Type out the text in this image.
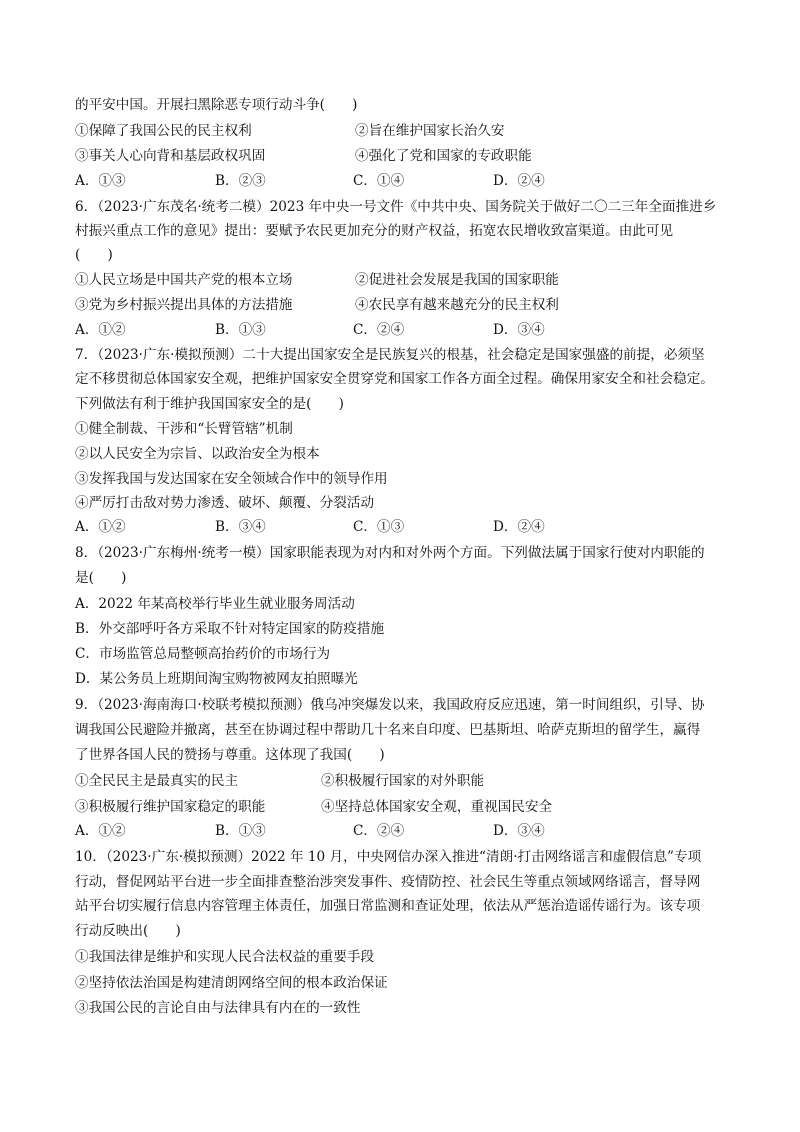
的平安中国。开展扫黑除恶专项行动斗争(　　)
①保障了我国公民的民主权利	②旨在维护国家长治久安
③事关人心向背和基层政权巩固	④强化了党和国家的专政职能
A．①③	B．②③	C．①④	D．②④
6．（2023·广东茂名·统考二模）2023 年中央一号文件《中共中央、国务院关于做好二〇二三年全面推进乡
村振兴重点工作的意见》提出：要赋予农民更加充分的财产权益，拓宽农民增收致富渠道。由此可见
(　　)
①人民立场是中国共产党的根本立场	②促进社会发展是我国的国家职能
③党为乡村振兴提出具体的方法措施	④农民享有越来越充分的民主权利
A．①②	B．①③	C．②④	D．③④
7．（2023·广东·模拟预测）二十大提出国家安全是民族复兴的根基，社会稳定是国家强盛的前提，必须坚
定不移贯彻总体国家安全观，把维护国家安全贯穿党和国家工作各方面全过程。确保用家安全和社会稳定。
下列做法有利于维护我国国家安全的是(　　)
①健全制裁、干涉和“长臂管辖”机制
②以人民安全为宗旨、以政治安全为根本
③发挥我国与发达国家在安全领域合作中的领导作用
④严厉打击敌对势力渗透、破坏、颠覆、分裂活动
A．①②	B．③④	C．①③	D．②④
8．（2023·广东梅州·统考一模）国家职能表现为对内和对外两个方面。下列做法属于国家行使对内职能的
是(　　)
A．2022 年某高校举行毕业生就业服务周活动
B．外交部呼吁各方采取不针对特定国家的防疫措施
C．市场监管总局整顿高抬药价的市场行为
D．某公务员上班期间淘宝购物被网友拍照曝光
9．（2023·海南海口·校联考模拟预测）俄乌冲突爆发以来，我国政府反应迅速，第一时间组织，引导、协
调我国公民避险并撤离，甚至在协调过程中帮助几十名来自印度、巴基斯坦、哈萨克斯坦的留学生，赢得
了世界各国人民的赞扬与尊重。这体现了我国(　　)
①全民民主是最真实的民主	②积极履行国家的对外职能
③积极履行维护国家稳定的职能	④坚持总体国家安全观，重视国民安全
A．①②	B．①③	C．②④	D．③④
10．（2023·广东·模拟预测）2022 年 10 月，中央网信办深入推进“清朗·打击网络谣言和虚假信息”专项
行动，督促网站平台进一步全面排查整治涉突发事件、疫情防控、社会民生等重点领域网络谣言，督导网
站平台切实履行信息内容管理主体责任，加强日常监测和查证处理，依法从严惩治造谣传谣行为。该专项
行动反映出(　　)
①我国法律是维护和实现人民合法权益的重要手段
②坚持依法治国是构建清朗网络空间的根本政治保证
③我国公民的言论自由与法律具有内在的一致性
